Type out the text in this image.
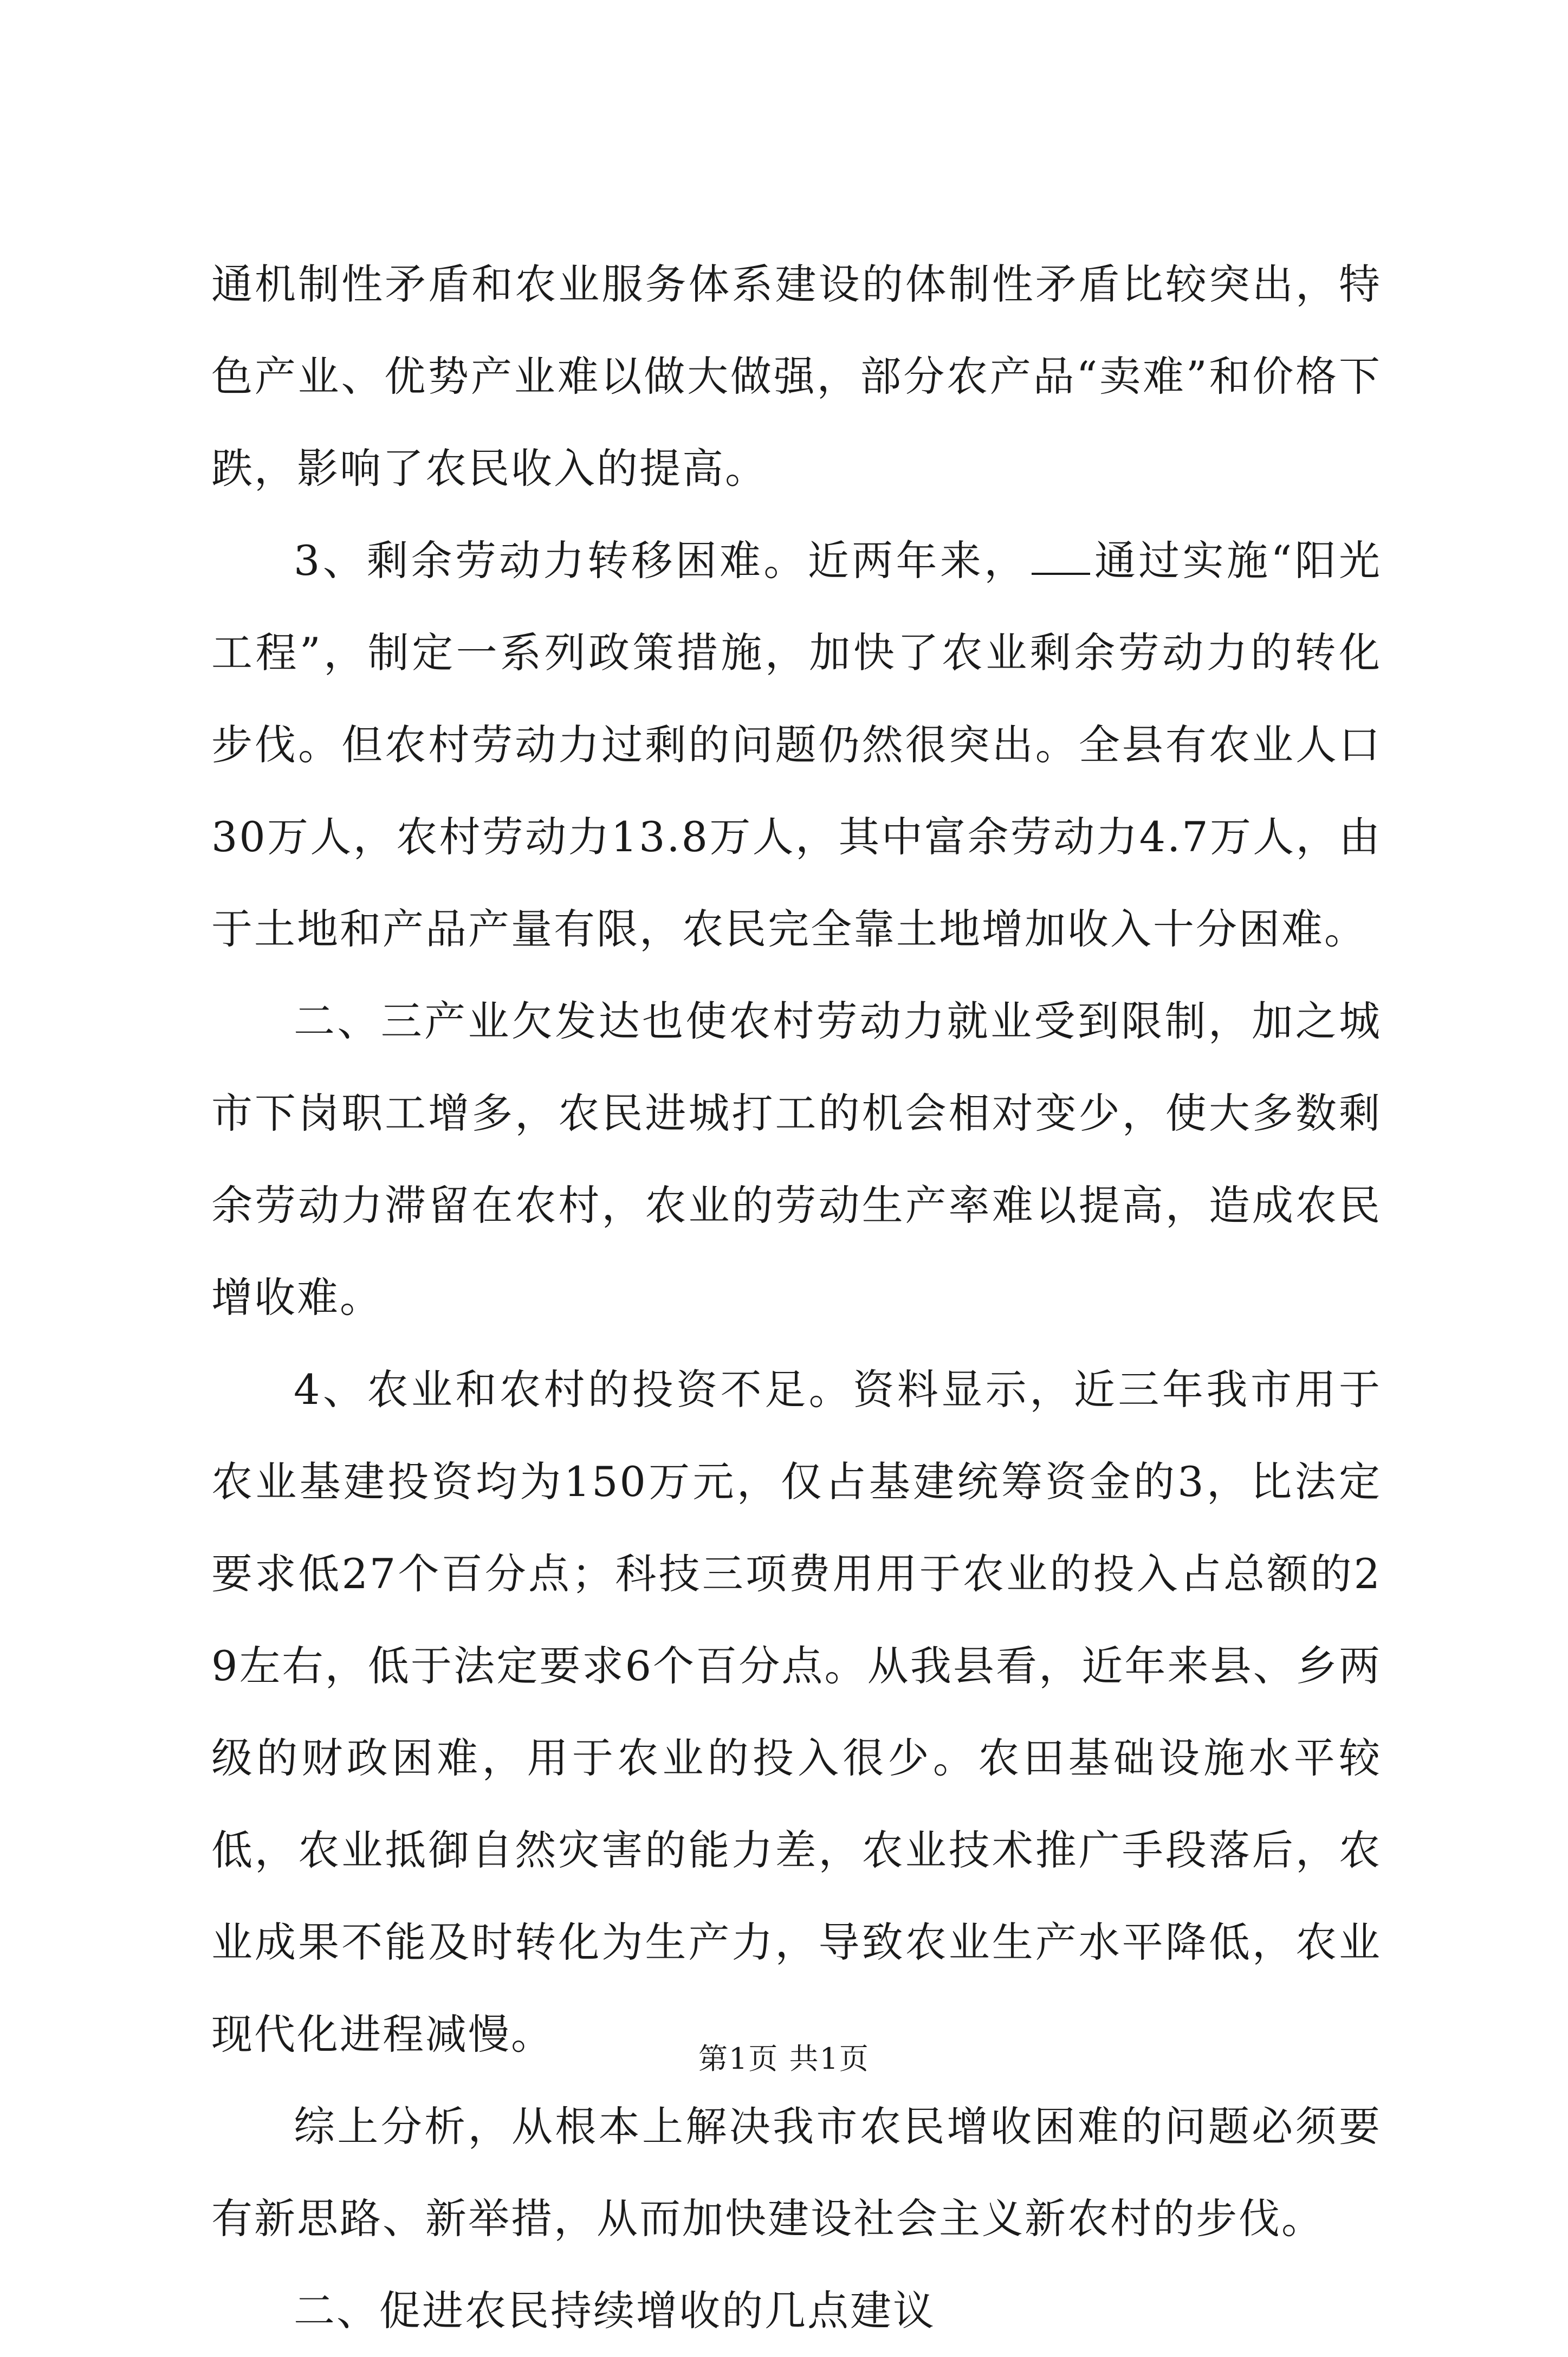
通机制性矛盾和农业服务体系建设的体制性矛盾比较突出，特色产业、优势产业难以做大做强，部分农产品“卖难”和价格下跌，影响了农民收入的提高。

3、剩余劳动力转移困难。近两年来， 通过实施“阳光工程”，制定一系列政策措施，加快了农业剩余劳动力的转化步伐。但农村劳动力过剩的问题仍然很突出。全县有农业人口30万人，农村劳动力13.8万人，其中富余劳动力4.7万人，由于土地和产品产量有限，农民完全靠土地增加收入十分困难。

二、三产业欠发达也使农村劳动力就业受到限制，加之城市下岗职工增多，农民进城打工的机会相对变少，使大多数剩余劳动力滞留在农村，农业的劳动生产率难以提高，造成农民增收难。

4、农业和农村的投资不足。资料显示，近三年我市用于农业基建投资均为150万元，仅占基建统筹资金的3，比法定要求低27个百分点；科技三项费用用于农业的投入占总额的29左右，低于法定要求6个百分点。从我县看，近年来县、乡两级的财政困难，用于农业的投入很少。农田基础设施水平较低，农业抵御自然灾害的能力差，农业技术推广手段落后，农业成果不能及时转化为生产力，导致农业生产水平降低，农业现代化进程减慢。

综上分析，从根本上解决我市农民增收困难的问题必须要有新思路、新举措，从而加快建设社会主义新农村的步伐。

二、促进农民持续增收的几点建议

第1页 共1页
